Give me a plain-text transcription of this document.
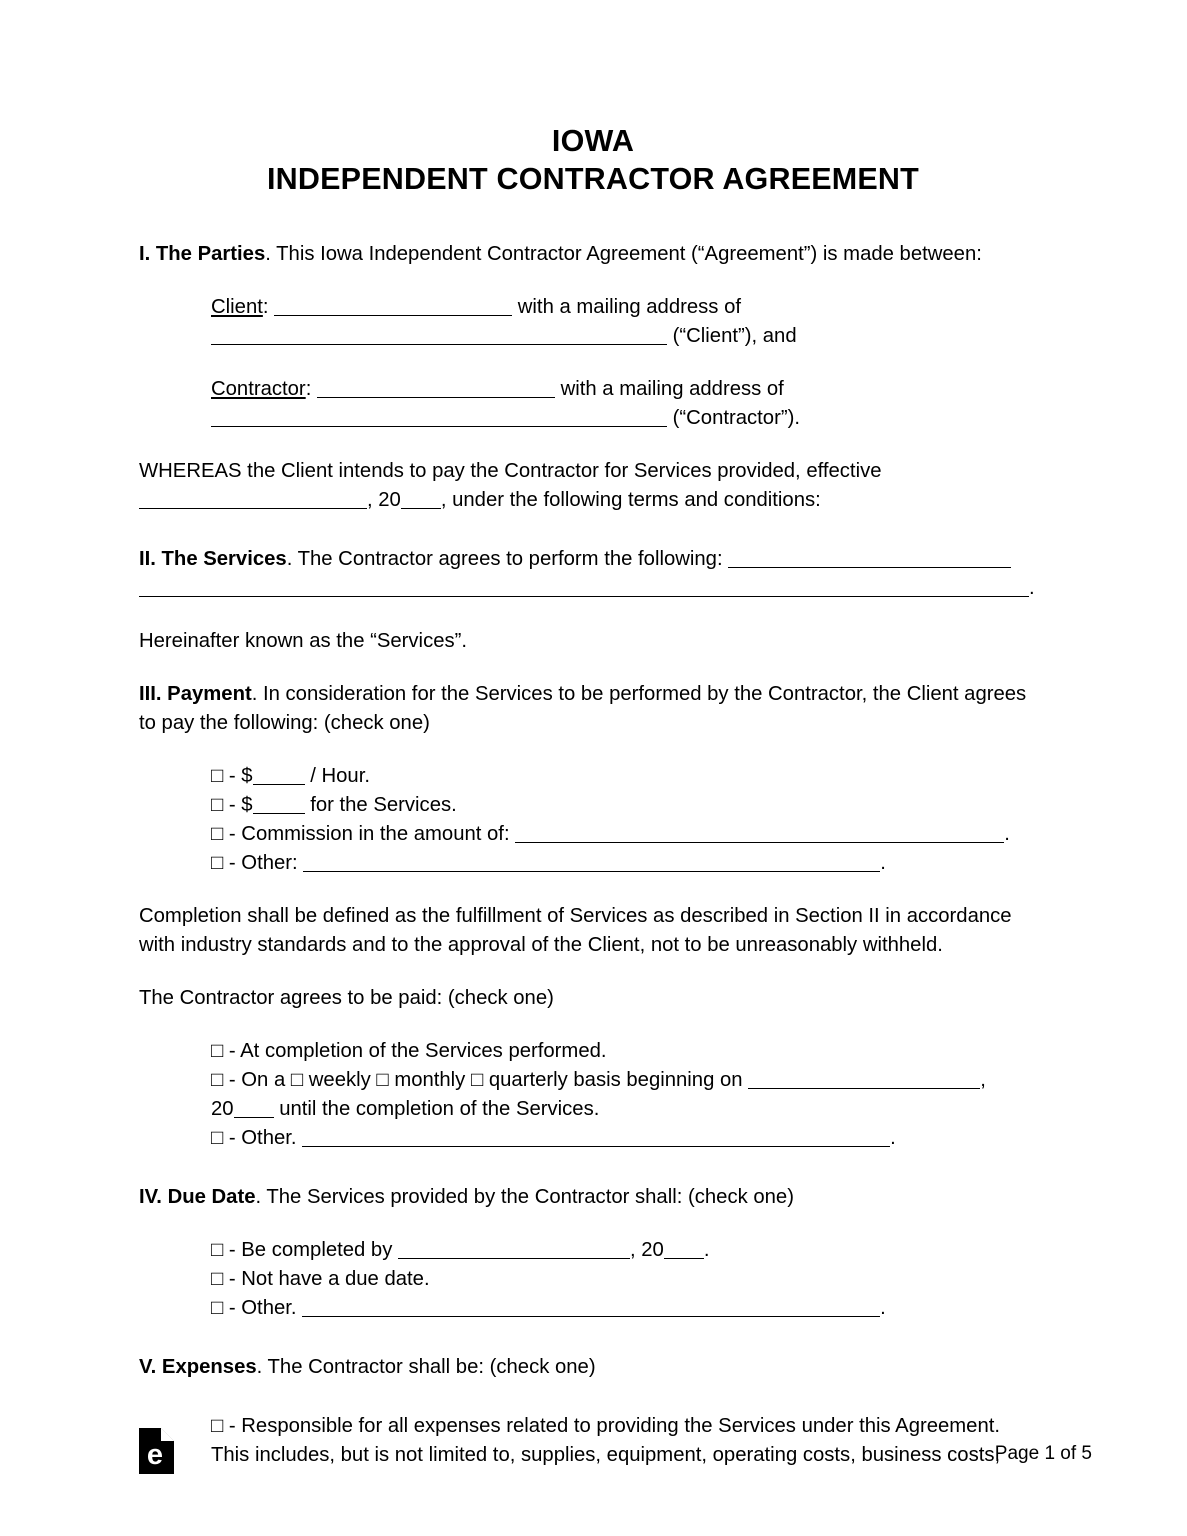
IOWA
INDEPENDENT CONTRACTOR AGREEMENT
I. The Parties. This Iowa Independent Contractor Agreement (“Agreement”) is made between:
Client:	with a mailing address of
(“Client”), and
Contractor:	with a mailing address of
(“Contractor”).
WHEREAS the Client intends to pay the Contractor for Services provided, effective
, 20 , under the following terms and conditions:
II. The Services. The Contractor agrees to perform the following:
.
Hereinafter known as the “Services”.
III. Payment. In consideration for the Services to be performed by the Contractor, the Client agrees to pay the following: (check one)
□ - $	/ Hour.
□ - $	for the Services.
□ - Commission in the amount of:	.
□ - Other:	.
Completion shall be defined as the fulfillment of Services as described in Section II in accordance with industry standards and to the approval of the Client, not to be unreasonably withheld.
The Contractor agrees to be paid: (check one)
□ - At completion of the Services performed.
□ - On a □ weekly □ monthly □ quarterly basis beginning on	,
20 until the completion of the Services.
□ - Other.	.
IV. Due Date. The Services provided by the Contractor shall: (check one)
□ - Be completed by	, 20 .
□ - Not have a due date.
□ - Other.	.
V. Expenses. The Contractor shall be: (check one)
□ - Responsible for all expenses related to providing the Services under this Agreement.
This includes, but is not limited to, supplies, equipment, operating costs, business costs,
e	Page 1 of 5
